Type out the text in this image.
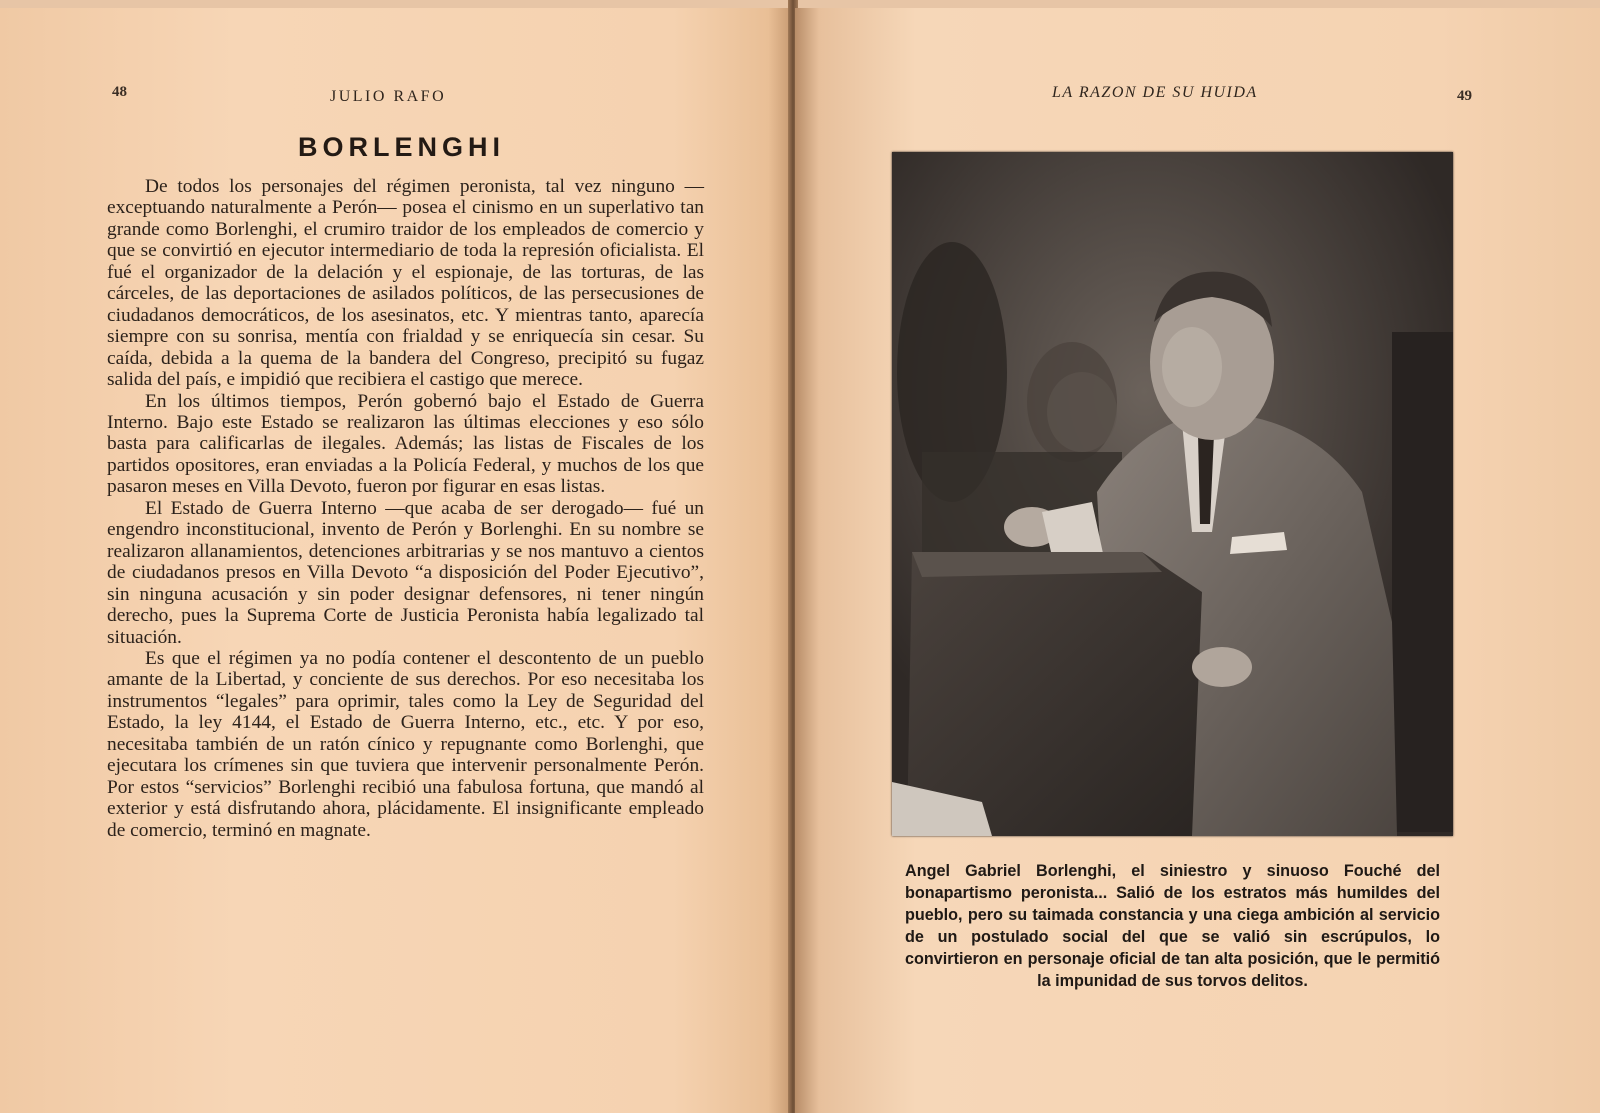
48	JULIO RAFO
BORLENGHI

De todos los personajes del régimen peronista, tal vez ninguno —exceptuando naturalmente a Perón— posea el cinismo en un superlativo tan grande como Borlenghi, el crumiro traidor de los empleados de comercio y que se convirtió en ejecutor intermediario de toda la represión oficialista. El fué el organizador de la delación y el espionaje, de las torturas, de las cárceles, de las deportaciones de asilados políticos, de las persecusiones de ciudadanos democráticos, de los asesinatos, etc. Y mientras tanto, aparecía siempre con su sonrisa, mentía con frialdad y se enriquecía sin cesar. Su caída, debida a la quema de la bandera del Congreso, precipitó su fugaz salida del país, e impidió que recibiera el castigo que merece.

En los últimos tiempos, Perón gobernó bajo el Estado de Guerra Interno. Bajo este Estado se realizaron las últimas elecciones y eso sólo basta para calificarlas de ilegales. Además; las listas de Fiscales de los partidos opositores, eran enviadas a la Policía Federal, y muchos de los que pasaron meses en Villa Devoto, fueron por figurar en esas listas.

El Estado de Guerra Interno —que acaba de ser derogado— fué un engendro inconstitucional, invento de Perón y Borlenghi. En su nombre se realizaron allanamientos, detenciones arbitrarias y se nos mantuvo a cientos de ciudadanos presos en Villa Devoto “a disposición del Poder Ejecutivo”, sin ninguna acusación y sin poder designar defensores, ni tener ningún derecho, pues la Suprema Corte de Justicia Peronista había legalizado tal situación.

Es que el régimen ya no podía contener el descontento de un pueblo amante de la Libertad, y conciente de sus derechos. Por eso necesitaba los instrumentos “legales” para oprimir, tales como la Ley de Seguridad del Estado, la ley 4144, el Estado de Guerra Interno, etc., etc. Y por eso, necesitaba también de un ratón cínico y repugnante como Borlenghi, que ejecutara los crímenes sin que tuviera que intervenir personalmente Perón. Por estos “servicios” Borlenghi recibió una fabulosa fortuna, que mandó al exterior y está disfrutando ahora, plácidamente. El insignificante empleado de comercio, terminó en magnate.

LA RAZON DE SU HUIDA	49
Angel Gabriel Borlenghi, el siniestro y sinuoso Fouché del bonapartismo peronista... Salió de los estratos más humildes del pueblo, pero su taimada constancia y una ciega ambición al servicio de un postulado social del que se valió sin escrúpulos, lo convirtieron en personaje oficial de tan alta posición, que le permitió la impunidad de sus torvos delitos.
